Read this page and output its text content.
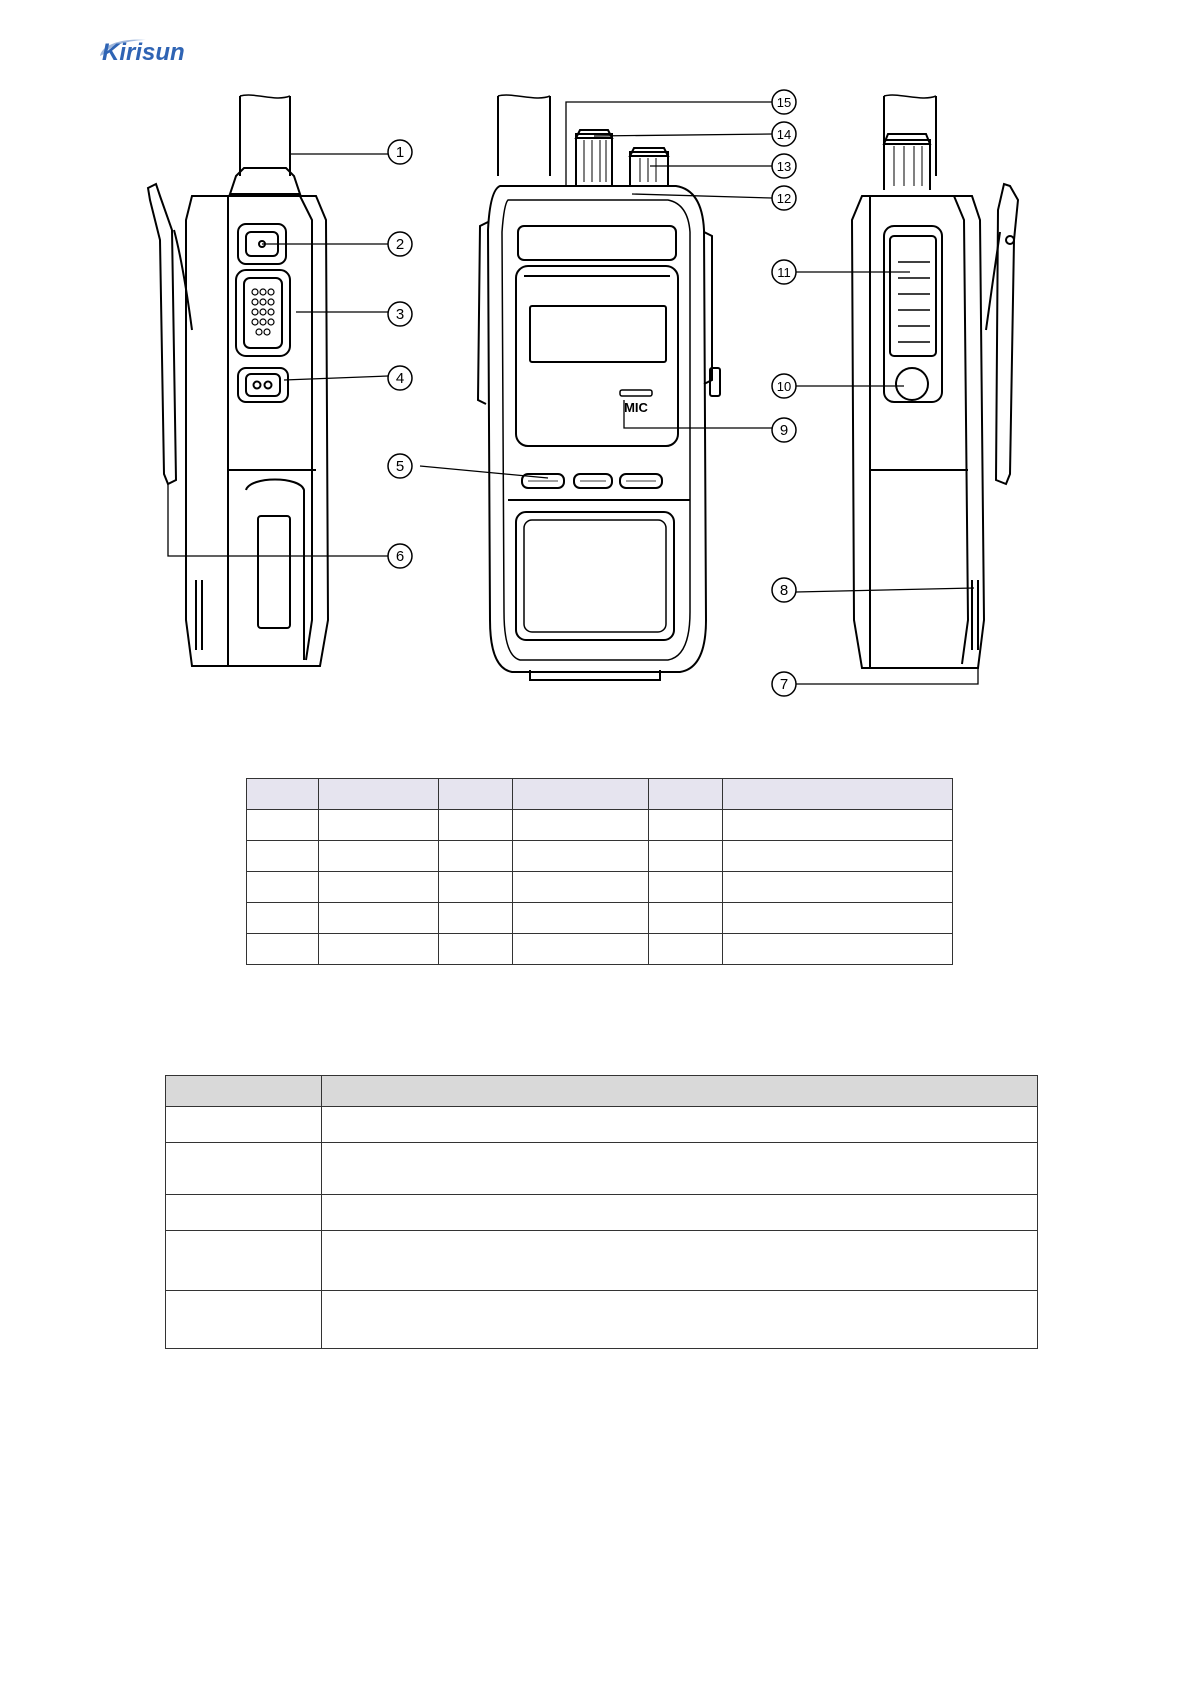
Kirisun
1
2
3
4
5
6
7
8
9
10
11
12
13
14
15
MIC
